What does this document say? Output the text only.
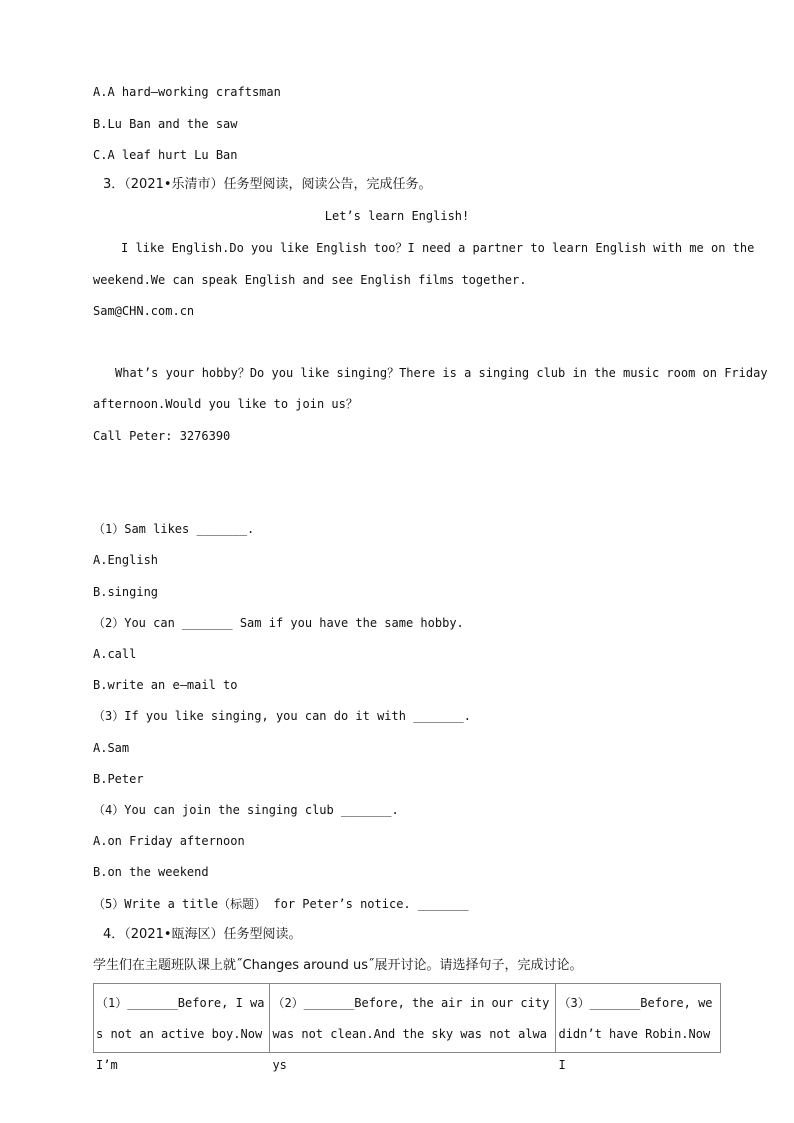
A.A hard–working craftsman
B.Lu Ban and the saw
C.A leaf hurt Lu Ban
3．（2021•乐清市）任务型阅读，阅读公告，完成任务。
Let’s learn English!
I like English.Do you like English too？I need a partner to learn English with me on the
weekend.We can speak English and see English films together.
Sam@CHN.com.cn
What’s your hobby？Do you like singing？There is a singing club in the music room on Friday
afternoon.Would you like to join us？
Call Peter: 3276390
（1）Sam likes _______.
A.English
B.singing
（2）You can _______ Sam if you have the same hobby.
A.call
B.write an e–mail to
（3）If you like singing, you can do it with _______.
A.Sam
B.Peter
（4）You can join the singing club _______.
A.on Friday afternoon
B.on the weekend
（5）Write a title（标题） for Peter’s notice. _______
4．（2021•瓯海区）任务型阅读。
学生们在主题班队课上就˝Changes around us˝展开讨论。请选择句子，完成讨论。
（1）_______Before, I was not an active boy.Now I’m

（2）_______Before, the air in our city was not clean.And the sky was not always

（3）_______Before, we didn’t have Robin.Now I
